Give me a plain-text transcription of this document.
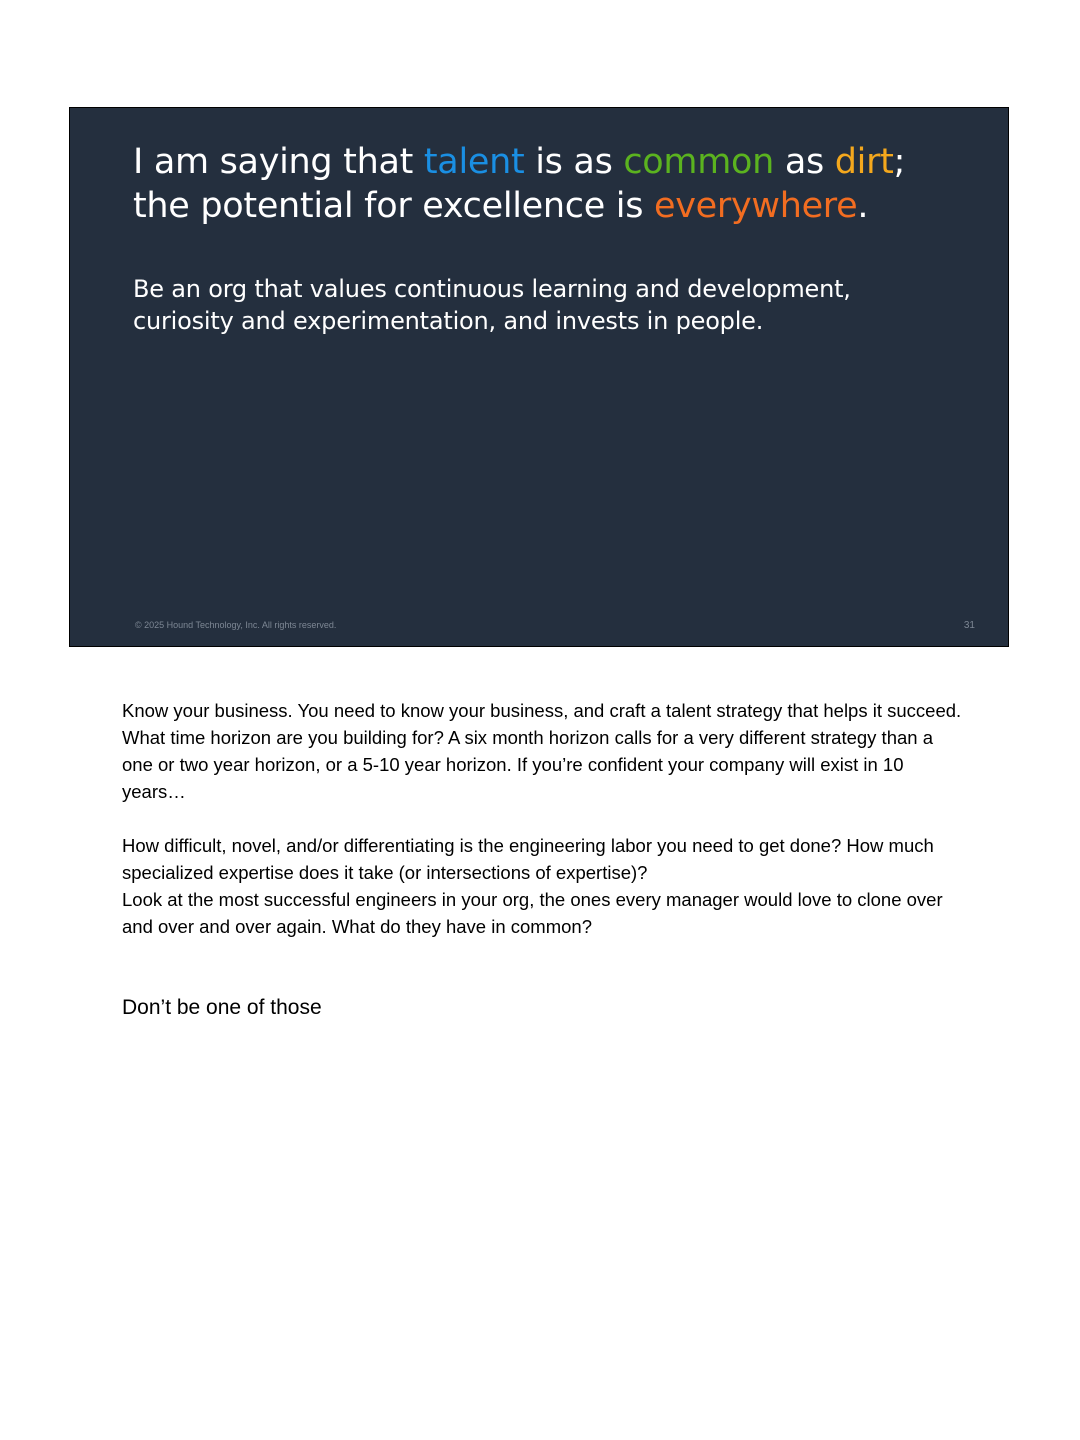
I am saying that talent is as common as dirt;
the potential for excellence is everywhere.

Be an org that values continuous learning and development,
curiosity and experimentation, and invests in people.

© 2025 Hound Technology, Inc. All rights reserved.	31

Know your business. You need to know your business, and craft a talent strategy that helps it succeed.

What time horizon are you building for? A six month horizon calls for a very different strategy than a one or two year horizon, or a 5-10 year horizon. If you’re confident your company will exist in 10 years…

How difficult, novel, and/or differentiating is the engineering labor you need to get done? How much specialized expertise does it take (or intersections of expertise)?

Look at the most successful engineers in your org, the ones every manager would love to clone over and over and over again. What do they have in common?

Don’t be one of those
